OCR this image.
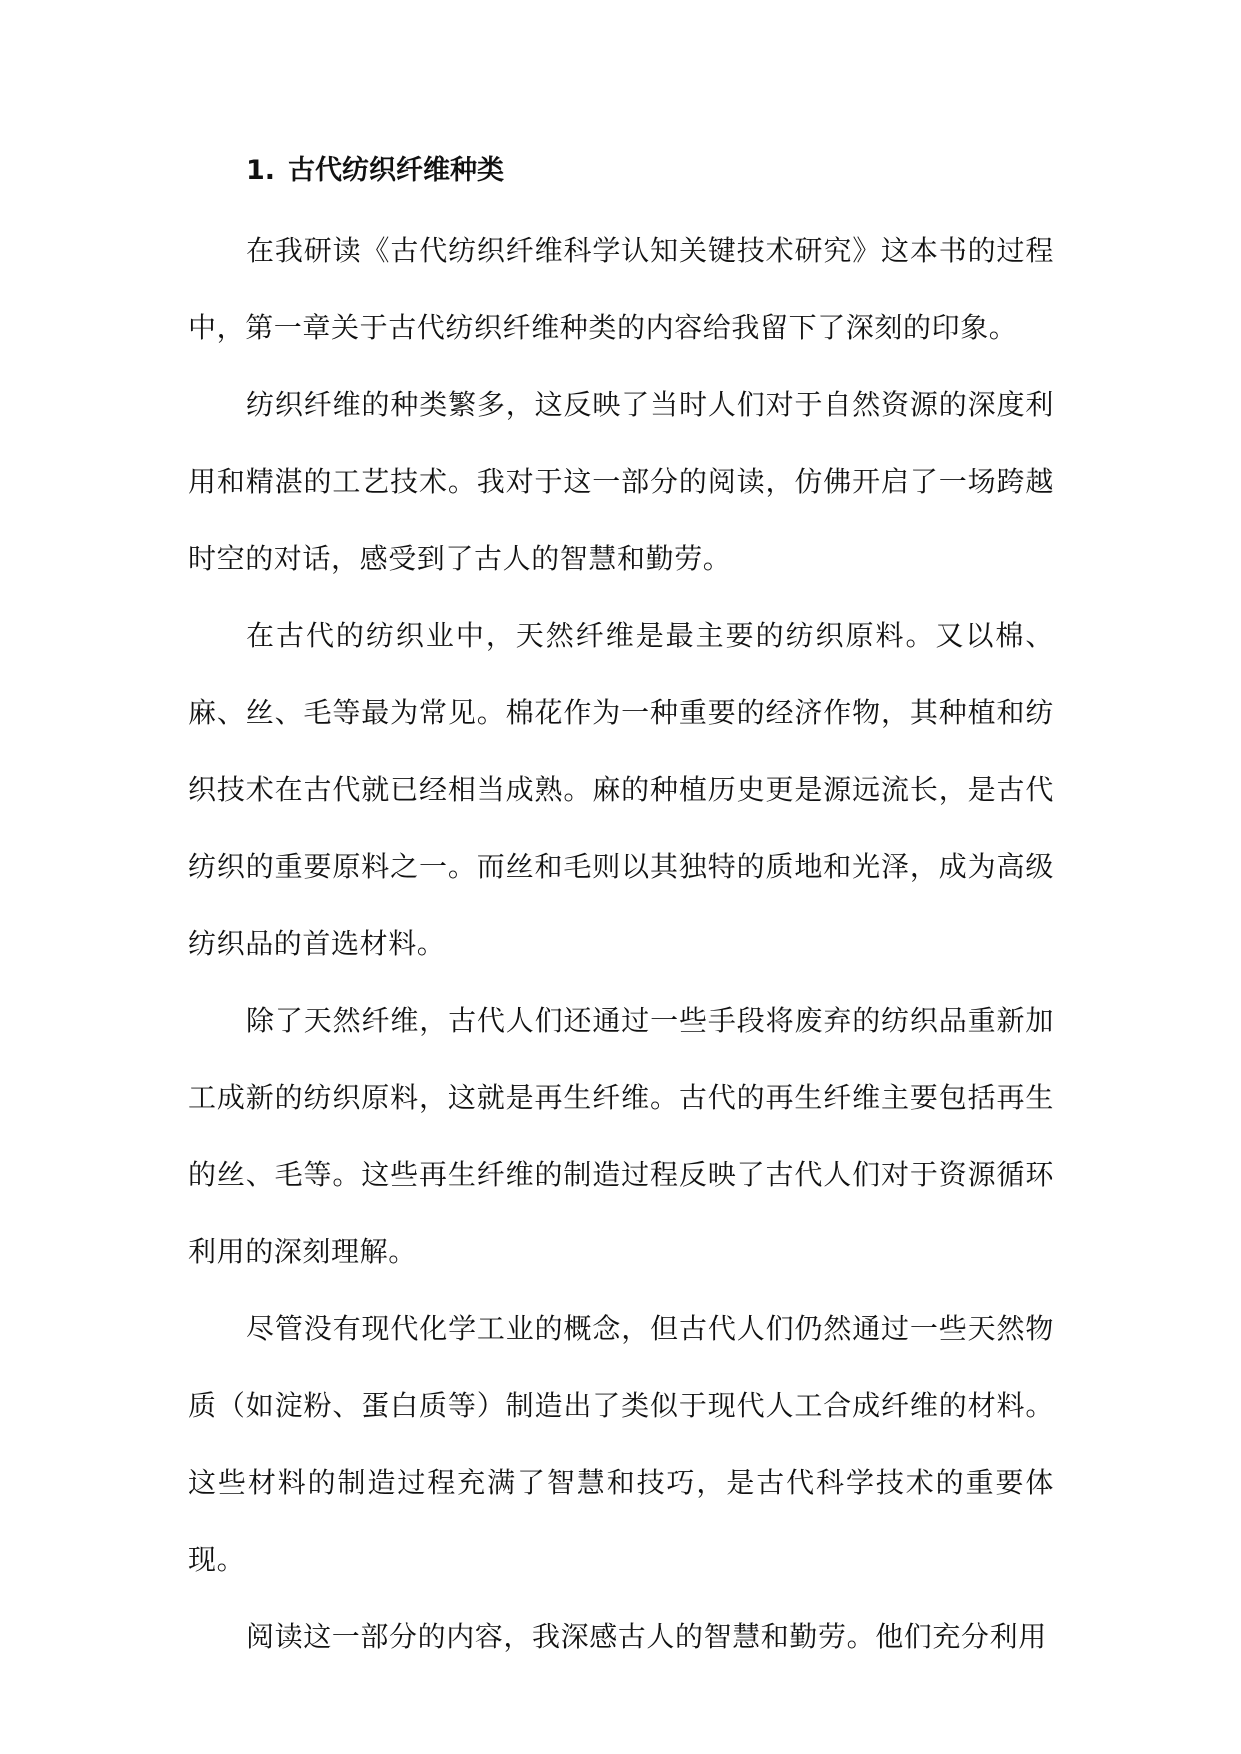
1. 古代纺织纤维种类

在我研读《古代纺织纤维科学认知关键技术研究》这本书的过程中，第一章关于古代纺织纤维种类的内容给我留下了深刻的印象。

纺织纤维的种类繁多，这反映了当时人们对于自然资源的深度利用和精湛的工艺技术。我对于这一部分的阅读，仿佛开启了一场跨越时空的对话，感受到了古人的智慧和勤劳。

在古代的纺织业中，天然纤维是最主要的纺织原料。又以棉、麻、丝、毛等最为常见。棉花作为一种重要的经济作物，其种植和纺织技术在古代就已经相当成熟。麻的种植历史更是源远流长，是古代纺织的重要原料之一。而丝和毛则以其独特的质地和光泽，成为高级纺织品的首选材料。

除了天然纤维，古代人们还通过一些手段将废弃的纺织品重新加工成新的纺织原料，这就是再生纤维。古代的再生纤维主要包括再生的丝、毛等。这些再生纤维的制造过程反映了古代人们对于资源循环利用的深刻理解。

尽管没有现代化学工业的概念，但古代人们仍然通过一些天然物质（如淀粉、蛋白质等）制造出了类似于现代人工合成纤维的材料。这些材料的制造过程充满了智慧和技巧，是古代科学技术的重要体现。

阅读这一部分的内容，我深感古人的智慧和勤劳。他们充分利用
